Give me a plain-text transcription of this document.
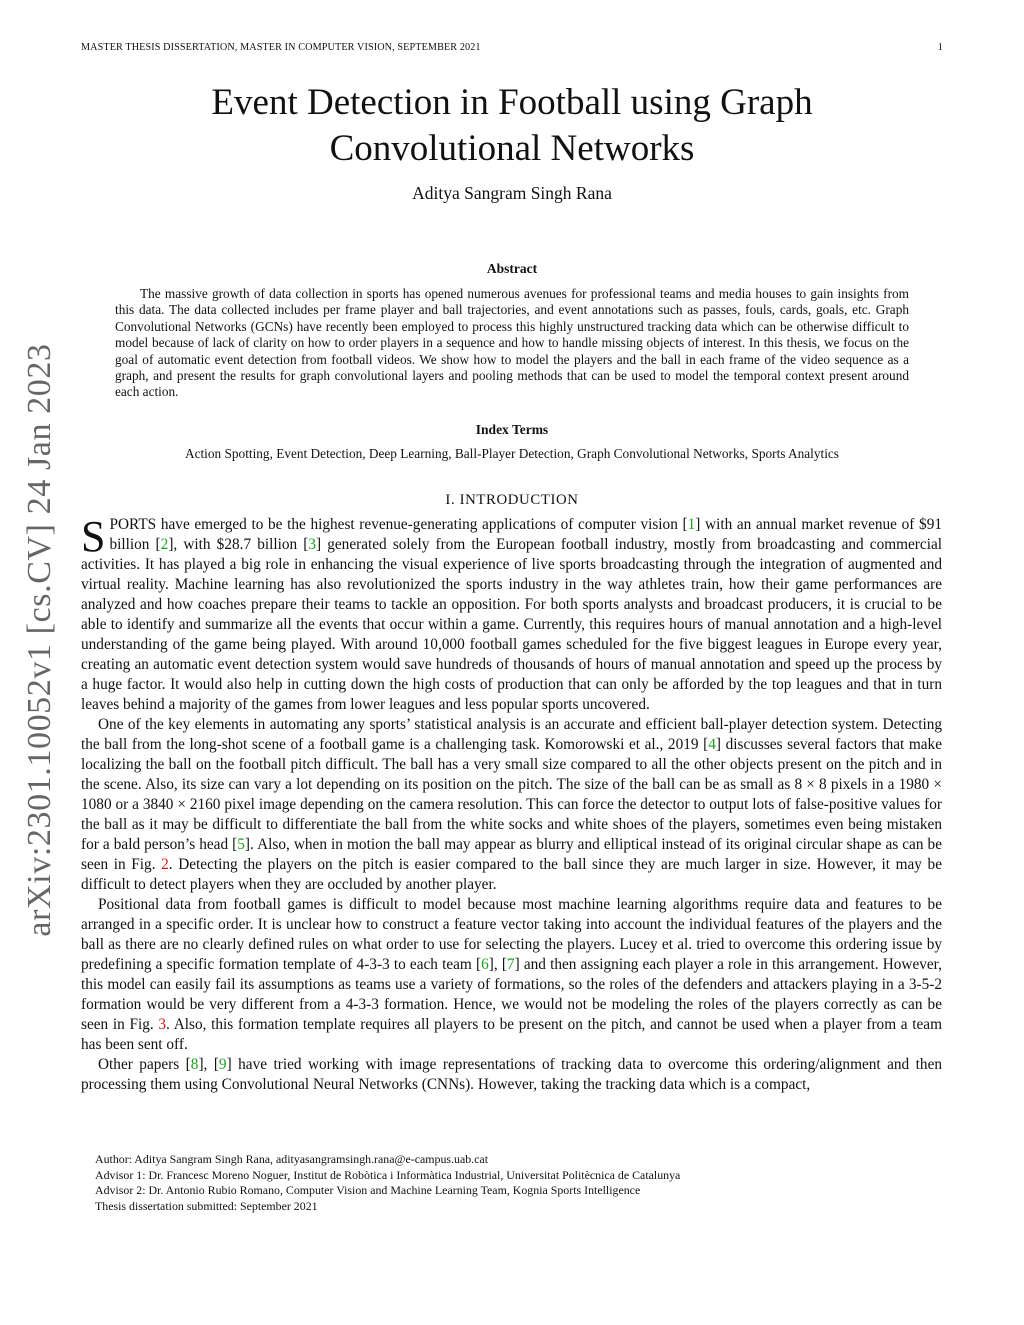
MASTER THESIS DISSERTATION, MASTER IN COMPUTER VISION, SEPTEMBER 2021	1
arXiv:2301.10052v1 [cs.CV] 24 Jan 2023
Event Detection in Football using Graph
Convolutional Networks
Aditya Sangram Singh Rana
Abstract
The massive growth of data collection in sports has opened numerous avenues for professional teams and media houses to gain insights from this data. The data collected includes per frame player and ball trajectories, and event annotations such as passes, fouls, cards, goals, etc. Graph Convolutional Networks (GCNs) have recently been employed to process this highly unstructured tracking data which can be otherwise difficult to model because of lack of clarity on how to order players in a sequence and how to handle missing objects of interest. In this thesis, we focus on the goal of automatic event detection from football videos. We show how to model the players and the ball in each frame of the video sequence as a graph, and present the results for graph convolutional layers and pooling methods that can be used to model the temporal context present around each action.
Index Terms
Action Spotting, Event Detection, Deep Learning, Ball-Player Detection, Graph Convolutional Networks, Sports Analytics
I. INTRODUCTION

SPORTS have emerged to be the highest revenue-generating applications of computer vision [1] with an annual market revenue of $91 billion [2], with $28.7 billion [3] generated solely from the European football industry, mostly from broadcasting and commercial activities. It has played a big role in enhancing the visual experience of live sports broadcasting through the integration of augmented and virtual reality. Machine learning has also revolutionized the sports industry in the way athletes train, how their game performances are analyzed and how coaches prepare their teams to tackle an opposition. For both sports analysts and broadcast producers, it is crucial to be able to identify and summarize all the events that occur within a game. Currently, this requires hours of manual annotation and a high-level understanding of the game being played. With around 10,000 football games scheduled for the five biggest leagues in Europe every year, creating an automatic event detection system would save hundreds of thousands of hours of manual annotation and speed up the process by a huge factor. It would also help in cutting down the high costs of production that can only be afforded by the top leagues and that in turn leaves behind a majority of the games from lower leagues and less popular sports uncovered.

One of the key elements in automating any sports’ statistical analysis is an accurate and efficient ball-player detection system. Detecting the ball from the long-shot scene of a football game is a challenging task. Komorowski et al., 2019 [4] discusses several factors that make localizing the ball on the football pitch difficult. The ball has a very small size compared to all the other objects present on the pitch and in the scene. Also, its size can vary a lot depending on its position on the pitch. The size of the ball can be as small as 8 × 8 pixels in a 1980 × 1080 or a 3840 × 2160 pixel image depending on the camera resolution. This can force the detector to output lots of false-positive values for the ball as it may be difficult to differentiate the ball from the white socks and white shoes of the players, sometimes even being mistaken for a bald person’s head [5]. Also, when in motion the ball may appear as blurry and elliptical instead of its original circular shape as can be seen in Fig. 2. Detecting the players on the pitch is easier compared to the ball since they are much larger in size. However, it may be difficult to detect players when they are occluded by another player.

Positional data from football games is difficult to model because most machine learning algorithms require data and features to be arranged in a specific order. It is unclear how to construct a feature vector taking into account the individual features of the players and the ball as there are no clearly defined rules on what order to use for selecting the players. Lucey et al. tried to overcome this ordering issue by predefining a specific formation template of 4-3-3 to each team [6], [7] and then assigning each player a role in this arrangement. However, this model can easily fail its assumptions as teams use a variety of formations, so the roles of the defenders and attackers playing in a 3-5-2 formation would be very different from a 4-3-3 formation. Hence, we would not be modeling the roles of the players correctly as can be seen in Fig. 3. Also, this formation template requires all players to be present on the pitch, and cannot be used when a player from a team has been sent off.

Other papers [8], [9] have tried working with image representations of tracking data to overcome this ordering/alignment and then processing them using Convolutional Neural Networks (CNNs). However, taking the tracking data which is a compact,

Author: Aditya Sangram Singh Rana, adityasangramsingh.rana@e-campus.uab.cat
Advisor 1: Dr. Francesc Moreno Noguer, Institut de Robòtica i Informàtica Industrial, Universitat Politècnica de Catalunya
Advisor 2: Dr. Antonio Rubio Romano, Computer Vision and Machine Learning Team, Kognia Sports Intelligence
Thesis dissertation submitted: September 2021
